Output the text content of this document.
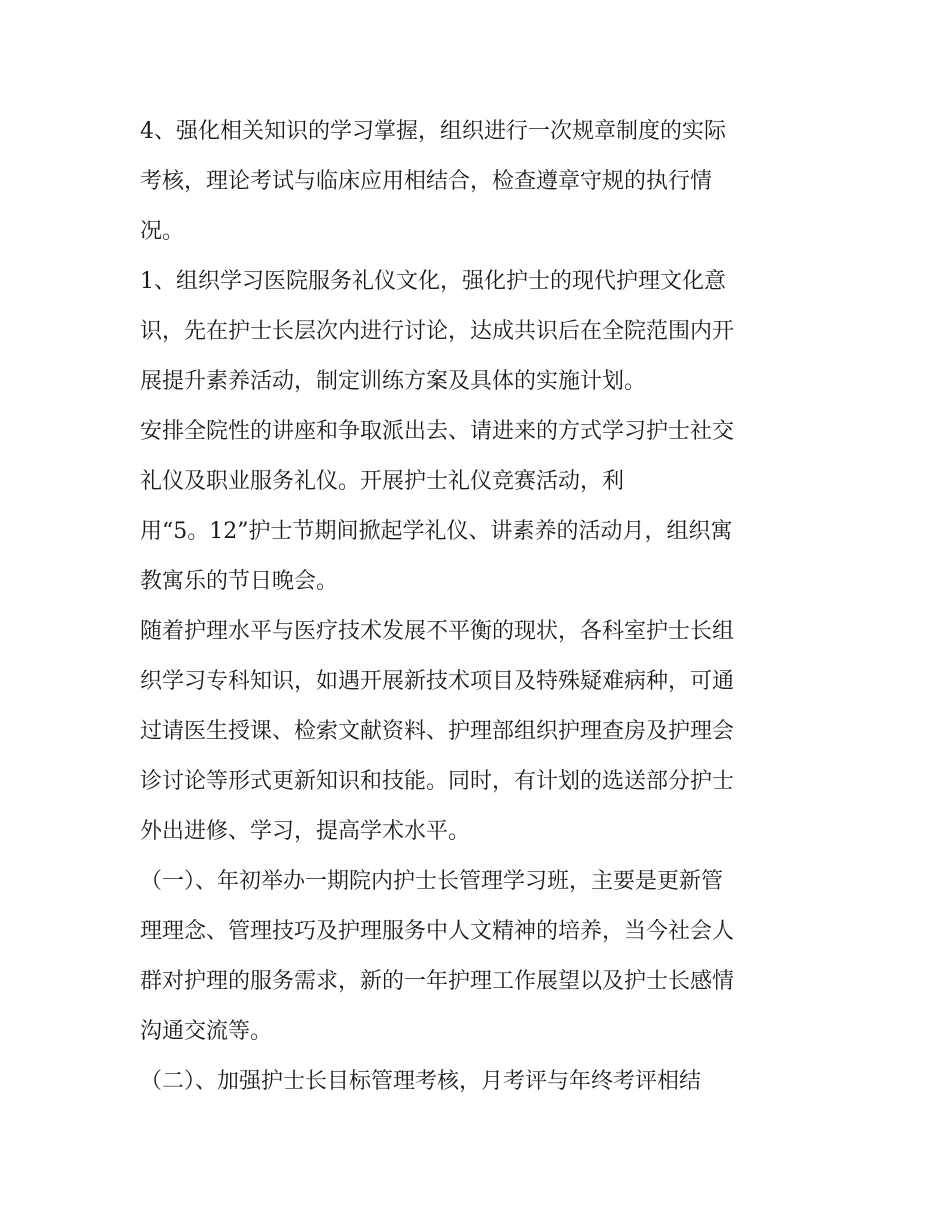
4、强化相关知识的学习掌握，组织进行一次规章制度的实际
考核，理论考试与临床应用相结合，检查遵章守规的执行情
况。
1、组织学习医院服务礼仪文化，强化护士的现代护理文化意
识，先在护士长层次内进行讨论，达成共识后在全院范围内开
展提升素养活动，制定训练方案及具体的实施计划。
安排全院性的讲座和争取派出去、请进来的方式学习护士社交
礼仪及职业服务礼仪。开展护士礼仪竞赛活动，利
用“5。12”护士节期间掀起学礼仪、讲素养的活动月，组织寓
教寓乐的节日晚会。
随着护理水平与医疗技术发展不平衡的现状，各科室护士长组
织学习专科知识，如遇开展新技术项目及特殊疑难病种，可通
过请医生授课、检索文献资料、护理部组织护理查房及护理会
诊讨论等形式更新知识和技能。同时，有计划的选送部分护士
外出进修、学习，提高学术水平。
（一）、年初举办一期院内护士长管理学习班，主要是更新管
理理念、管理技巧及护理服务中人文精神的培养，当今社会人
群对护理的服务需求，新的一年护理工作展望以及护士长感情
沟通交流等。
（二）、加强护士长目标管理考核，月考评与年终考评相结
